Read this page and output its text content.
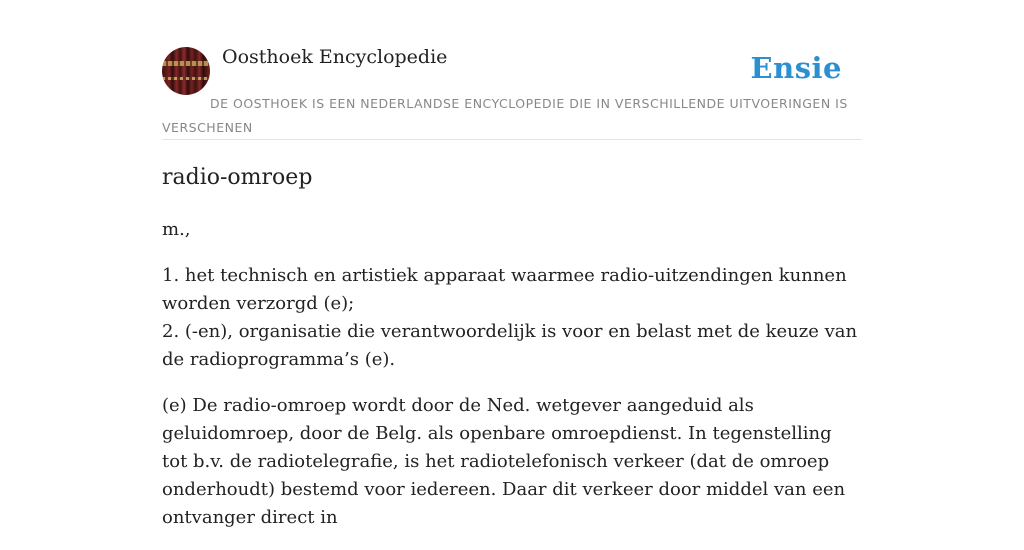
Oosthoek Encyclopedie	Ensie
DE OOSTHOEK IS EEN NEDERLANDSE ENCYCLOPEDIE DIE IN VERSCHILLENDE UITVOERINGEN IS VERSCHENEN
radio-omroep

m.,

1. het technisch en artistiek apparaat waarmee radio-uitzendingen kunnen worden verzorgd (e);
2. (-en), organisatie die verantwoordelijk is voor en belast met de keuze van de radioprogramma’s (e).

(e) De radio-omroep wordt door de Ned. wetgever aangeduid als geluidomroep, door de Belg. als openbare omroepdienst. In tegenstelling tot b.v. de radiotelegrafie, is het radiotelefonisch verkeer (dat de omroep onderhoudt) bestemd voor iedereen. Daar dit verkeer door middel van een ontvanger direct in
